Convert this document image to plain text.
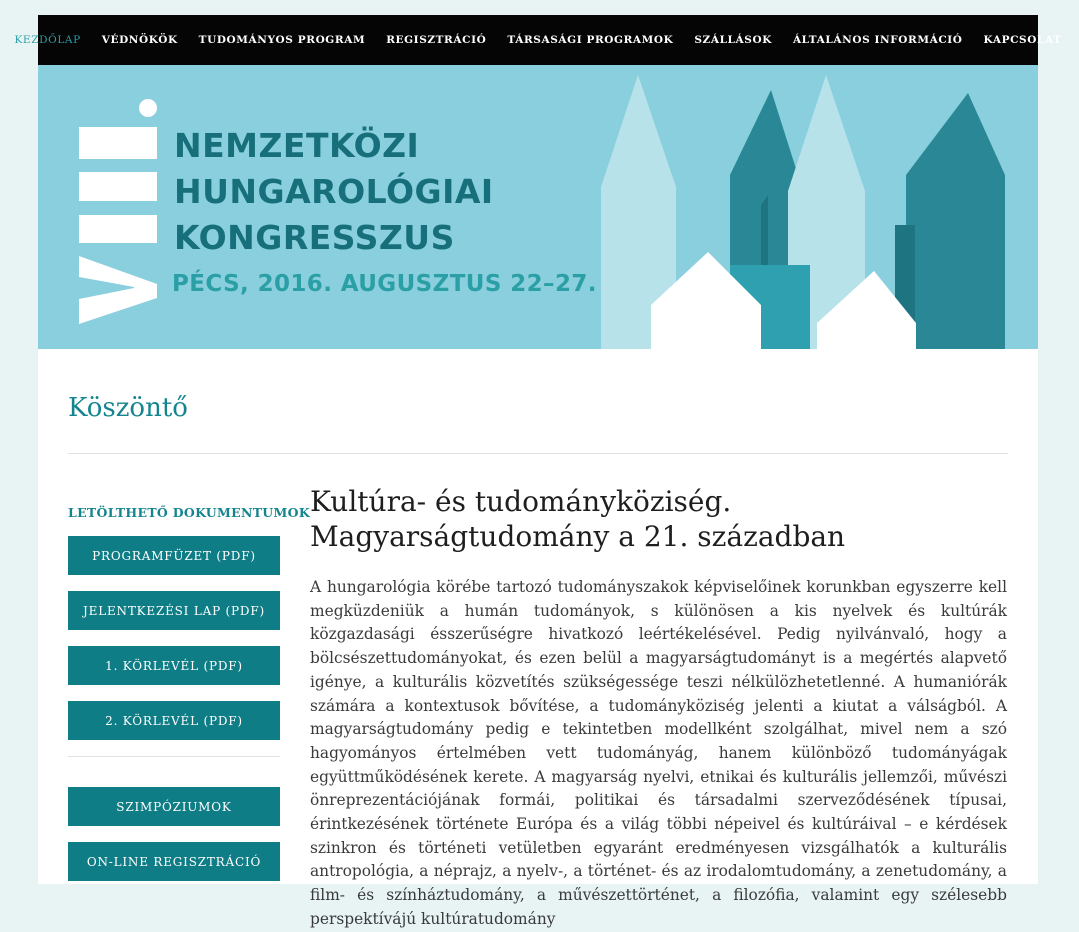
KEZDŐLAP VÉDNÖKÖK TUDOMÁNYOS PROGRAM REGISZTRÁCIÓ TÁRSASÁGI PROGRAMOK SZÁLLÁSOK ÁLTALÁNOS INFORMÁCIÓ KAPCSOLAT
NEMZETKÖZI
HUNGAROLÓGIAI
KONGRESSZUS
PÉCS, 2016. AUGUSZTUS 22–27.
Köszöntő
LETÖLTHETŐ DOKUMENTUMOK
PROGRAMFÜZET (PDF)
JELENTKEZÉSI LAP (PDF)
1. KÖRLEVÉL (PDF)
2. KÖRLEVÉL (PDF)
SZIMPÓZIUMOK
ON-LINE REGISZTRÁCIÓ
Kultúra- és tudományköziség.
Magyarságtudomány a 21. században

A hungarológia körébe tartozó tudományszakok képviselőinek korunkban egyszerre kell megküzdeniük a humán tudományok, s különösen a kis nyelvek és kultúrák közgazdasági ésszerűségre hivatkozó leértékelésével. Pedig nyilvánvaló, hogy a bölcsészettudományokat, és ezen belül a magyarságtudományt is a megértés alapvető igénye, a kulturális közvetítés szükségessége teszi nélkülözhetetlenné. A humaniórák számára a kontextusok bővítése, a tudományköziség jelenti a kiutat a válságból. A magyarságtudomány pedig e tekintetben modellként szolgálhat, mivel nem a szó hagyományos értelmében vett tudományág, hanem különböző tudományágak együttműködésének kerete. A magyarság nyelvi, etnikai és kulturális jellemzői, művészi önreprezentációjának formái, politikai és társadalmi szerveződésének típusai, érintkezésének története Európa és a világ többi népeivel és kultúráival – e kérdések szinkron és történeti vetületben egyaránt eredményesen vizsgálhatók a kulturális antropológia, a néprajz, a nyelv-, a történet- és az irodalomtudomány, a zenetudomány, a film- és színháztudomány, a művészettörténet, a filozófia, valamint egy szélesebb perspektívájú kultúratudomány
